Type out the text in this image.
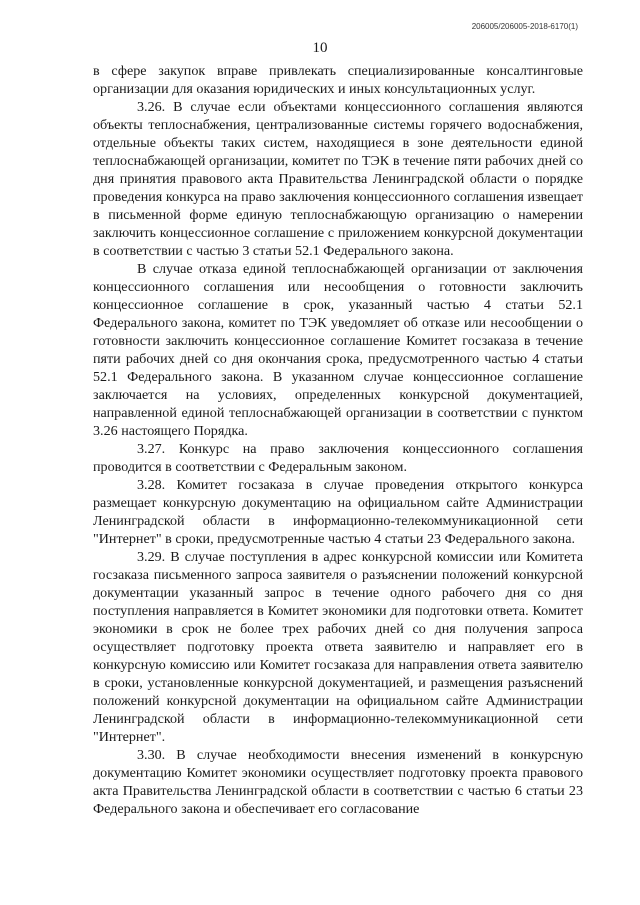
206005/206005-2018-6170(1)
10

в сфере закупок вправе привлекать специализированные консалтинговые организации для оказания юридических и иных консультационных услуг.

3.26. В случае если объектами концессионного соглашения являются объекты теплоснабжения, централизованные системы горячего водоснабжения, отдельные объекты таких систем, находящиеся в зоне деятельности единой теплоснабжающей организации, комитет по ТЭК в течение пяти рабочих дней со дня принятия правового акта Правительства Ленинградской области о порядке проведения конкурса на право заключения концессионного соглашения извещает в письменной форме единую теплоснабжающую организацию о намерении заключить концессионное соглашение с приложением конкурсной документации в соответствии с частью 3 статьи 52.1 Федерального закона.

В случае отказа единой теплоснабжающей организации от заключения концессионного соглашения или несообщения о готовности заключить концессионное соглашение в срок, указанный частью 4 статьи 52.1 Федерального закона, комитет по ТЭК уведомляет об отказе или несообщении о готовности заключить концессионное соглашение Комитет госзаказа в течение пяти рабочих дней со дня окончания срока, предусмотренного частью 4 статьи 52.1 Федерального закона. В указанном случае концессионное соглашение заключается на условиях, определенных конкурсной документацией, направленной единой теплоснабжающей организации в соответствии с пунктом 3.26 настоящего Порядка.

3.27. Конкурс на право заключения концессионного соглашения проводится в соответствии с Федеральным законом.

3.28. Комитет госзаказа в случае проведения открытого конкурса размещает конкурсную документацию на официальном сайте Администрации Ленинградской области в информационно-телекоммуникационной сети "Интернет" в сроки, предусмотренные частью 4 статьи 23 Федерального закона.

3.29. В случае поступления в адрес конкурсной комиссии или Комитета госзаказа письменного запроса заявителя о разъяснении положений конкурсной документации указанный запрос в течение одного рабочего дня со дня поступления направляется в Комитет экономики для подготовки ответа. Комитет экономики в срок не более трех рабочих дней со дня получения запроса осуществляет подготовку проекта ответа заявителю и направляет его в конкурсную комиссию или Комитет госзаказа для направления ответа заявителю в сроки, установленные конкурсной документацией, и размещения разъяснений положений конкурсной документации на официальном сайте Администрации Ленинградской области в информационно-телекоммуникационной сети "Интернет".

3.30. В случае необходимости внесения изменений в конкурсную документацию Комитет экономики осуществляет подготовку проекта правового акта Правительства Ленинградской области в соответствии с частью 6 статьи 23 Федерального закона и обеспечивает его согласование
